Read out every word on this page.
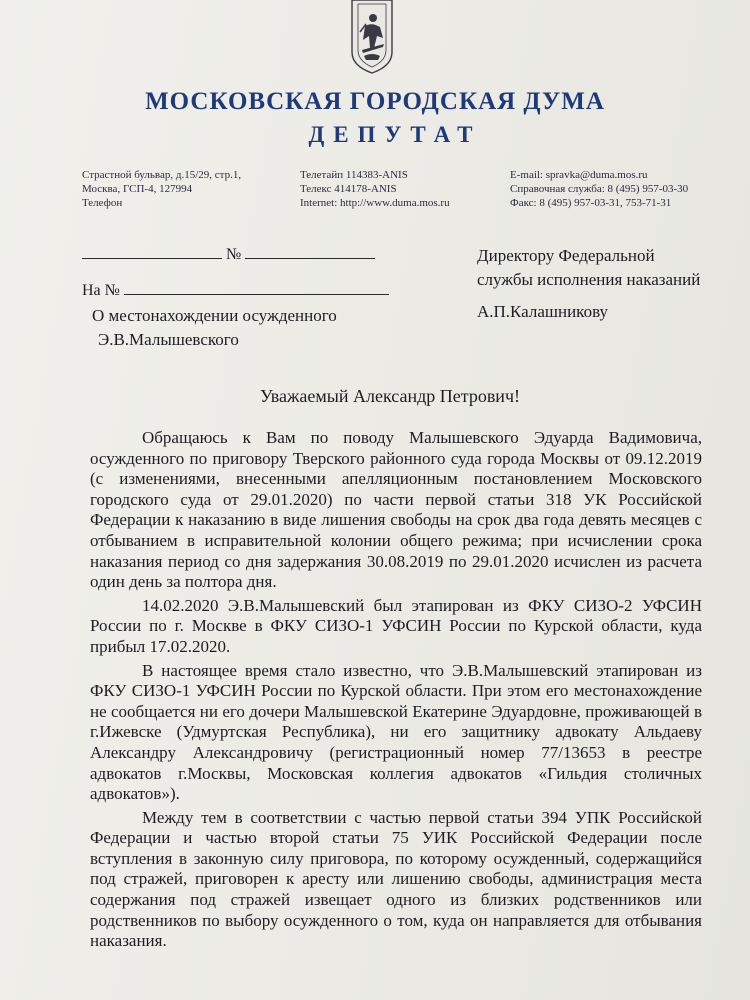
МОСКОВСКАЯ ГОРОДСКАЯ ДУМА
ДЕПУТАТ
Страстной бульвар, д.15/29, стр.1,
Москва, ГСП-4, 127994
Телефон
Телетайп 114383-ANIS
Телекс 414178-ANIS
Internet: http://www.duma.mos.ru
E-mail: spravka@duma.mos.ru
Справочная служба: 8 (495) 957-03-30
Факс: 8 (495) 957-03-31, 753-71-31
№
На №
О местонахождении осужденного
Э.В.Малышевского
Директору Федеральной
службы исполнения наказаний
А.П.Калашникову
Уважаемый Александр Петрович!

Обращаюсь к Вам по поводу Малышевского Эдуарда Вадимовича, осужденного по приговору Тверского районного суда города Москвы от 09.12.2019 (с изменениями, внесенными апелляционным постановлением Московского городского суда от 29.01.2020) по части первой статьи 318 УК Российской Федерации к наказанию в виде лишения свободы на срок два года девять месяцев с отбыванием в исправительной колонии общего режима; при исчислении срока наказания период со дня задержания 30.08.2019 по 29.01.2020 исчислен из расчета один день за полтора дня.

14.02.2020 Э.В.Малышевский был этапирован из ФКУ СИЗО-2 УФСИН России по г. Москве в ФКУ СИЗО-1 УФСИН России по Курской области, куда прибыл 17.02.2020.

В настоящее время стало известно, что Э.В.Малышевский этапирован из ФКУ СИЗО-1 УФСИН России по Курской области. При этом его местонахождение не сообщается ни его дочери Малышевской Екатерине Эдуардовне, проживающей в г.Ижевске (Удмуртская Республика), ни его защитнику адвокату Альдаеву Александру Александровичу (регистрационный номер 77/13653 в реестре адвокатов г.Москвы, Московская коллегия адвокатов «Гильдия столичных адвокатов»).

Между тем в соответствии с частью первой статьи 394 УПК Российской Федерации и частью второй статьи 75 УИК Российской Федерации после вступления в законную силу приговора, по которому осужденный, содержащийся под стражей, приговорен к аресту или лишению свободы, администрация места содержания под стражей извещает одного из близких родственников или родственников по выбору осужденного о том, куда он направляется для отбывания наказания.
